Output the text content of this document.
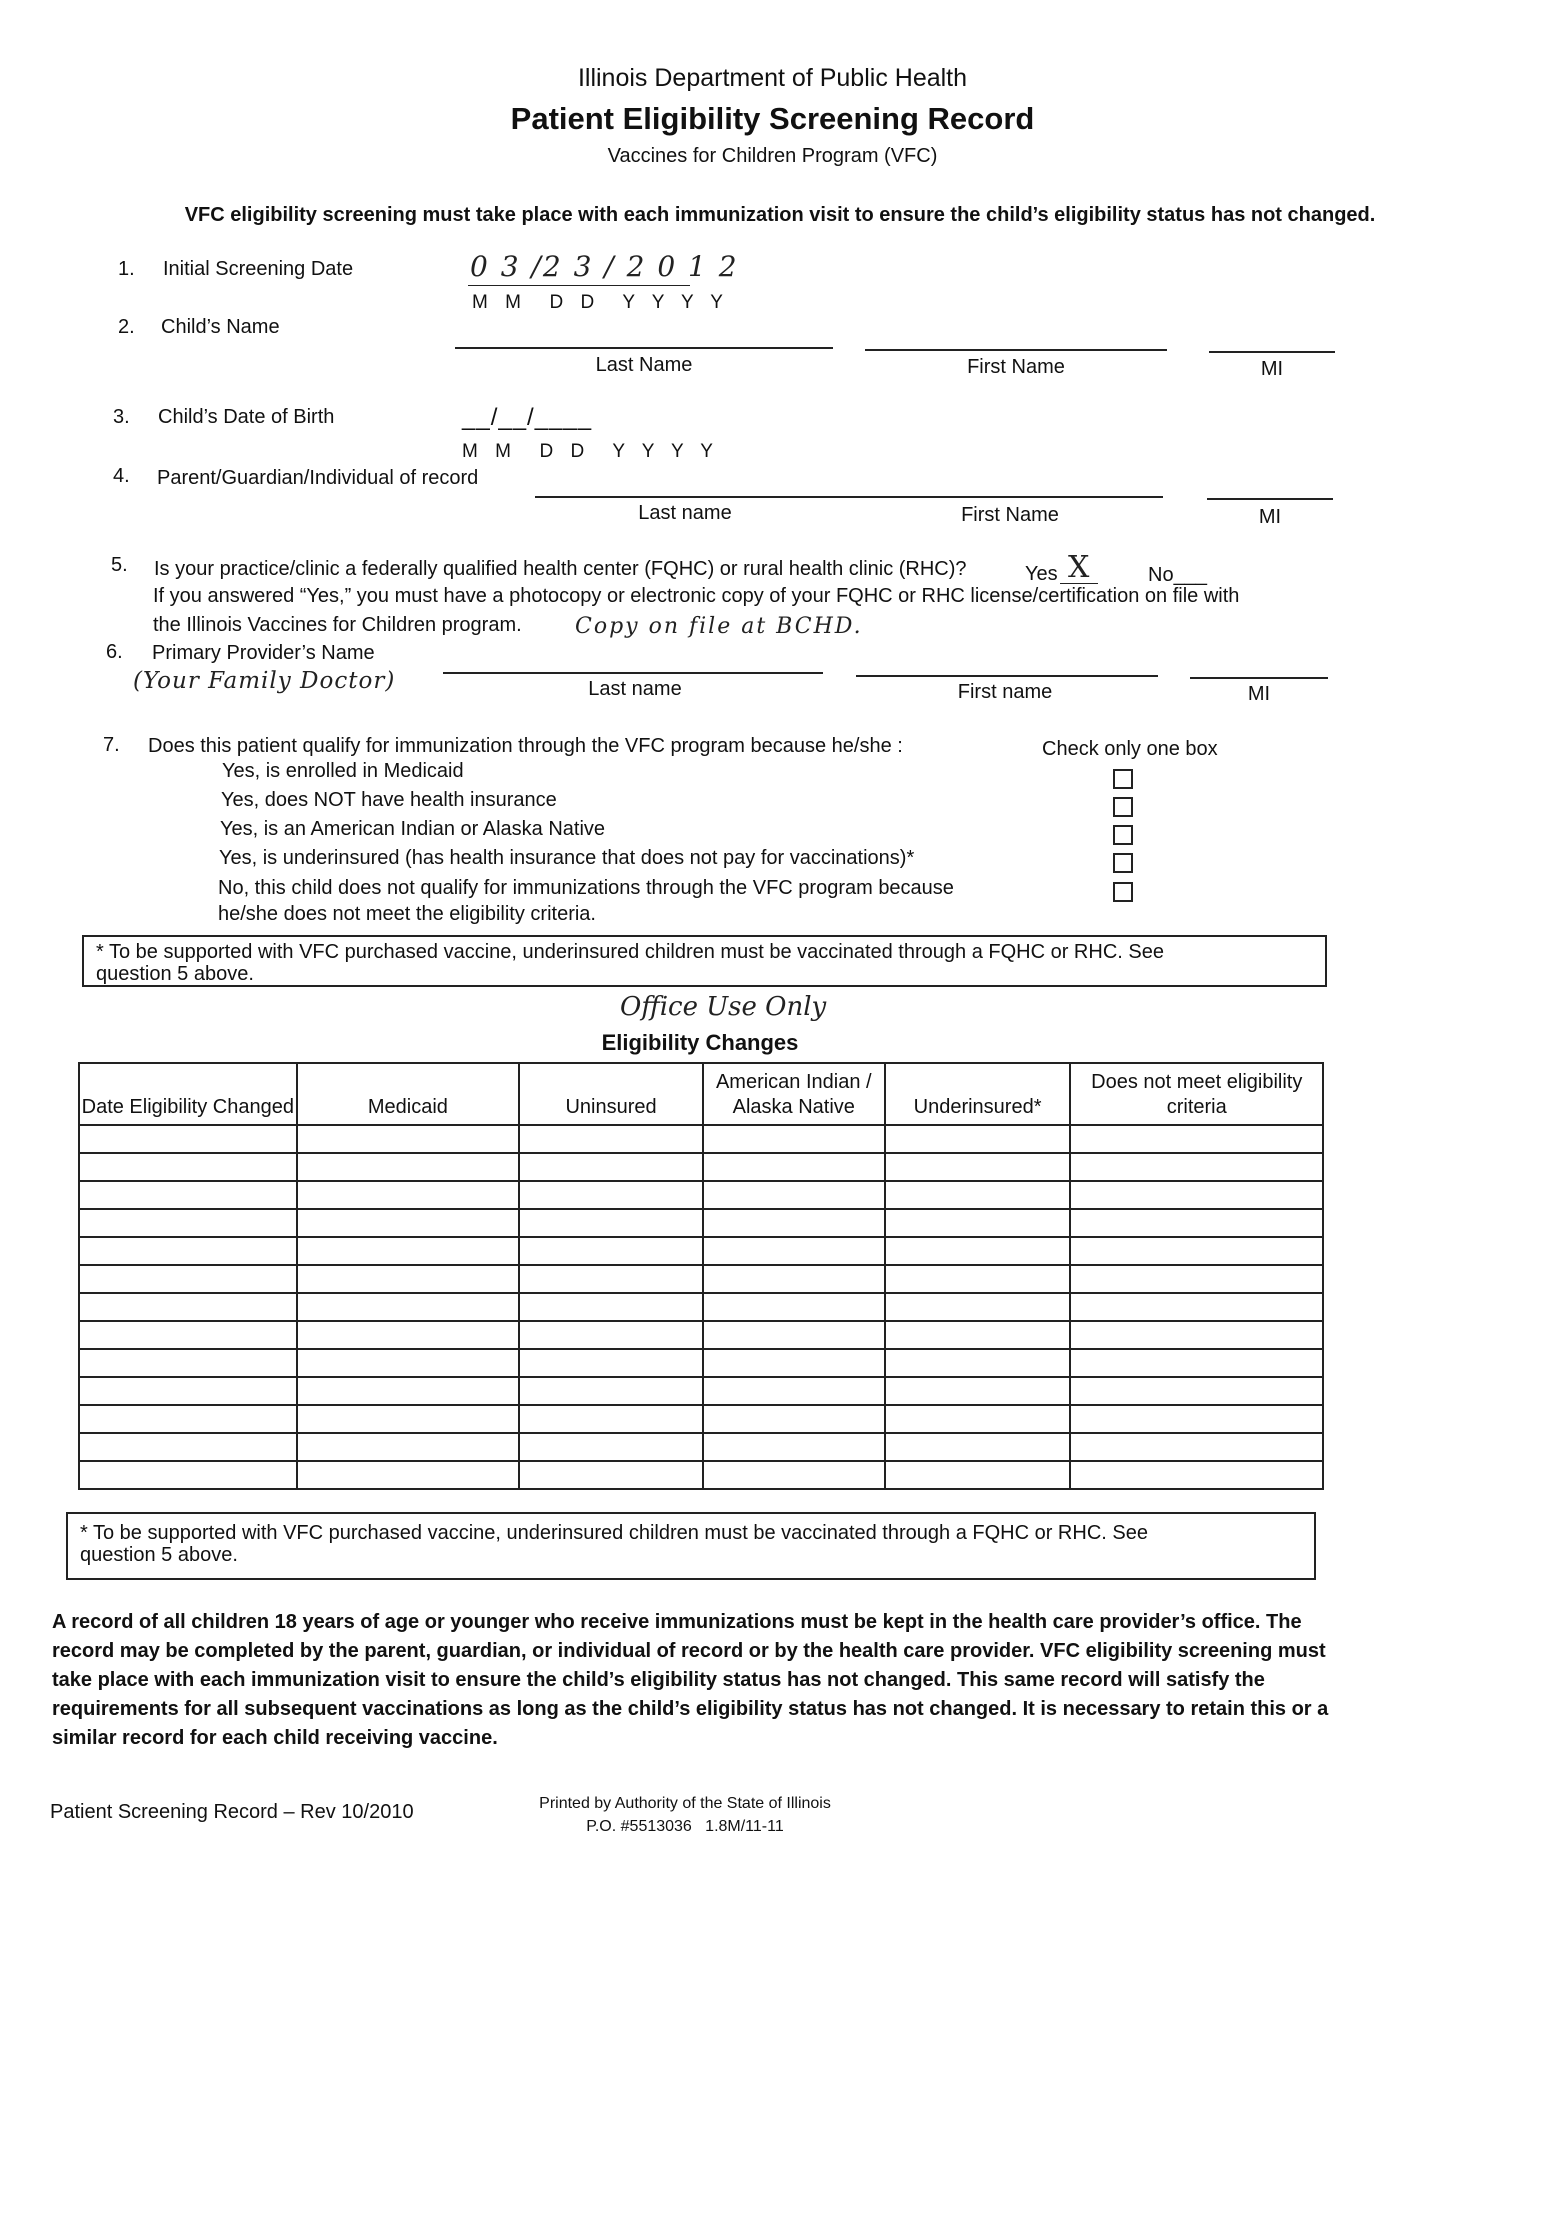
Illinois Department of Public Health
Patient Eligibility Screening Record
Vaccines for Children Program (VFC)
VFC eligibility screening must take place with each immunization visit to ensure the child’s eligibility status has not changed.
1. Initial Screening Date	0 3 /2 3 / 2 0 1 2
M M  D D  Y Y Y Y
2. Child’s Name
Last Name	First Name	MI
3. Child’s Date of Birth	__/__/____
M M  D D  Y Y Y Y
4. Parent/Guardian/Individual of record
Last name	First Name	MI
5. Is your practice/clinic a federally qualified health center (FQHC) or rural health clinic (RHC)?	Yes X	No___
If you answered “Yes,” you must have a photocopy or electronic copy of your FQHC or RHC license/certification on file with
the Illinois Vaccines for Children program. Copy on file at BCHD.
6. Primary Provider’s Name
(Your Family Doctor)	Last name	First name	MI
7. Does this patient qualify for immunization through the VFC program because he/she :	Check only one box
Yes, is enrolled in Medicaid
Yes, does NOT have health insurance
Yes, is an American Indian or Alaska Native
Yes, is underinsured (has health insurance that does not pay for vaccinations)*
No, this child does not qualify for immunizations through the VFC program because
he/she does not meet the eligibility criteria.
* To be supported with VFC purchased vaccine, underinsured children must be vaccinated through a FQHC or RHC. See
question 5 above.
Office Use Only
Eligibility Changes
Date Eligibility Changed	Medicaid	Uninsured	American Indian / Alaska Native	Underinsured*	Does not meet eligibility criteria

* To be supported with VFC purchased vaccine, underinsured children must be vaccinated through a FQHC or RHC. See
question 5 above.
A record of all children 18 years of age or younger who receive immunizations must be kept in the health care provider’s office. The record may be completed by the parent, guardian, or individual of record or by the health care provider. VFC eligibility screening must take place with each immunization visit to ensure the child’s eligibility status has not changed. This same record will satisfy the requirements for all subsequent vaccinations as long as the child’s eligibility status has not changed. It is necessary to retain this or a similar record for each child receiving vaccine.
Patient Screening Record – Rev 10/2010	Printed by Authority of the State of Illinois
P.O. #5513036   1.8M/11-11
